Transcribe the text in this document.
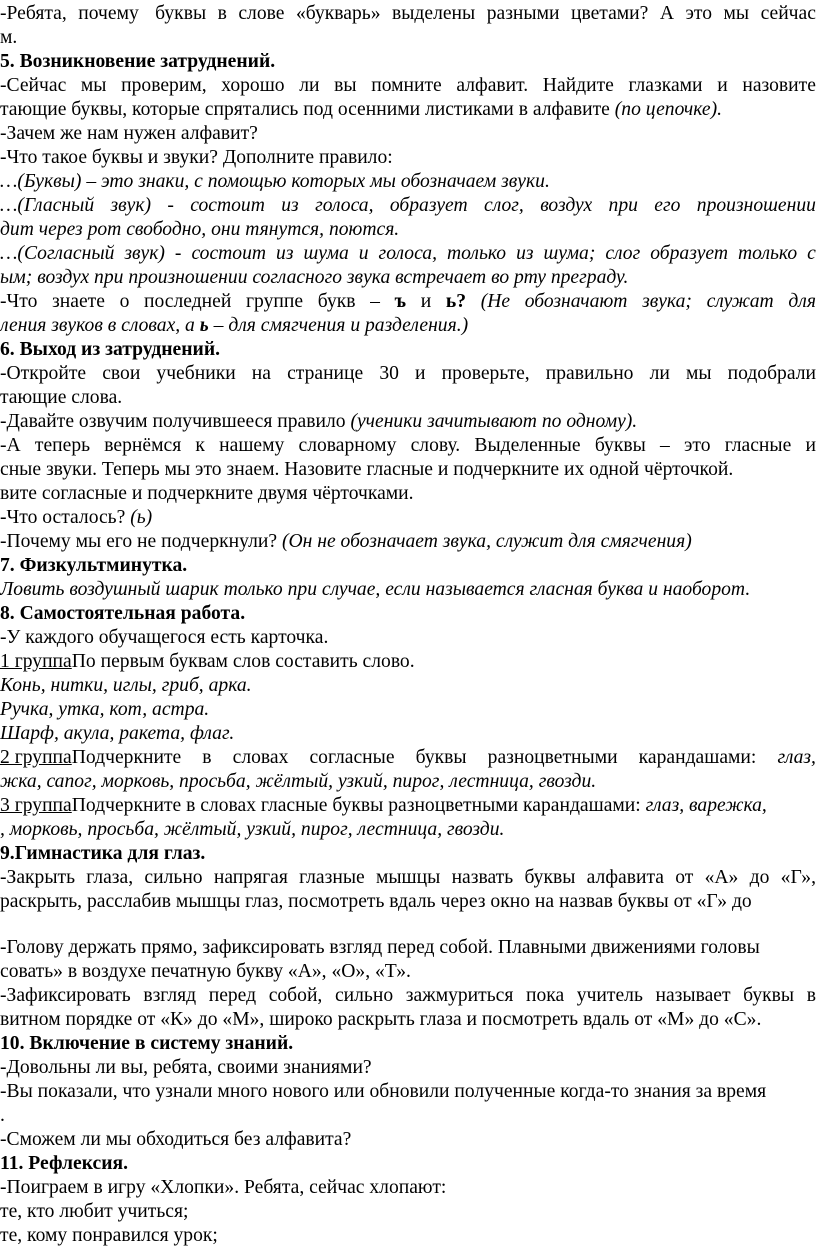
-Ребята, почему буквы в слове «букварь» выделены разными цветами? А это мы сейчас
м.
5. Возникновение затруднений.
-Сейчас мы проверим, хорошо ли вы помните алфавит. Найдите глазками и назовите
тающие буквы, которые спрятались под осенними листиками в алфавите (по цепочке).
-Зачем же нам нужен алфавит?
-Что такое буквы и звуки? Дополните правило:
…(Буквы) – это знаки, с помощью которых мы обозначаем звуки.
…(Гласный звук) - состоит из голоса, образует слог, воздух при его произношении
дит через рот свободно, они тянутся, поются.
…(Согласный звук) - состоит из шума и голоса, только из шума; слог образует только с
ым; воздух при произношении согласного звука встречает во рту преграду.
-Что знаете о последней группе букв – ъ и ь? (Не обозначают звука; служат для
ления звуков в словах, а ь – для смягчения и разделения.)
6. Выход из затруднений.
-Откройте свои учебники на странице 30 и проверьте, правильно ли мы подобрали
тающие слова.
-Давайте озвучим получившееся правило (ученики зачитывают по одному).
-А теперь вернёмся к нашему словарному слову. Выделенные буквы – это гласные и
сные звуки. Теперь мы это знаем. Назовите гласные и подчеркните их одной чёрточкой.
вите согласные и подчеркните двумя чёрточками.
-Что осталось? (ь)
-Почему мы его не подчеркнули? (Он не обозначает звука, служит для смягчения)
7. Физкультминутка.
Ловить воздушный шарик только при случае, если называется гласная буква и наоборот.
8. Самостоятельная работа.
-У каждого обучащегося есть карточка.
1 группаПо первым буквам слов составить слово.
Конь, нитки, иглы, гриб, арка.
Ручка, утка, кот, астра.
Шарф, акула, ракета, флаг.
2 группаПодчеркните в словах согласные буквы разноцветными карандашами: глаз,
жка, сапог, морковь, просьба, жёлтый, узкий, пирог, лестница, гвозди.
3 группаПодчеркните в словах гласные буквы разноцветными карандашами: глаз, варежка,
, морковь, просьба, жёлтый, узкий, пирог, лестница, гвозди.
9.Гимнастика для глаз.
-Закрыть глаза, сильно напрягая глазные мышцы назвать буквы алфавита от «А» до «Г»,
раскрыть, расслабив мышцы глаз, посмотреть вдаль через окно на назвав буквы от «Г» до
-Голову держать прямо, зафиксировать взгляд перед собой. Плавными движениями головы
совать» в воздухе печатную букву «А», «О», «Т».
-Зафиксировать взгляд перед собой, сильно зажмуриться пока учитель называет буквы в
витном порядке от «К» до «М», широко раскрыть глаза и посмотреть вдаль от «М» до «С».
10. Включение в систему знаний.
-Довольны ли вы, ребята, своими знаниями?
-Вы показали, что узнали много нового или обновили полученные когда-то знания за время
.
-Сможем ли мы обходиться без алфавита?
11. Рефлексия.
-Поиграем в игру «Хлопки». Ребята, сейчас хлопают:
те, кто любит учиться;
те, кому понравился урок;
